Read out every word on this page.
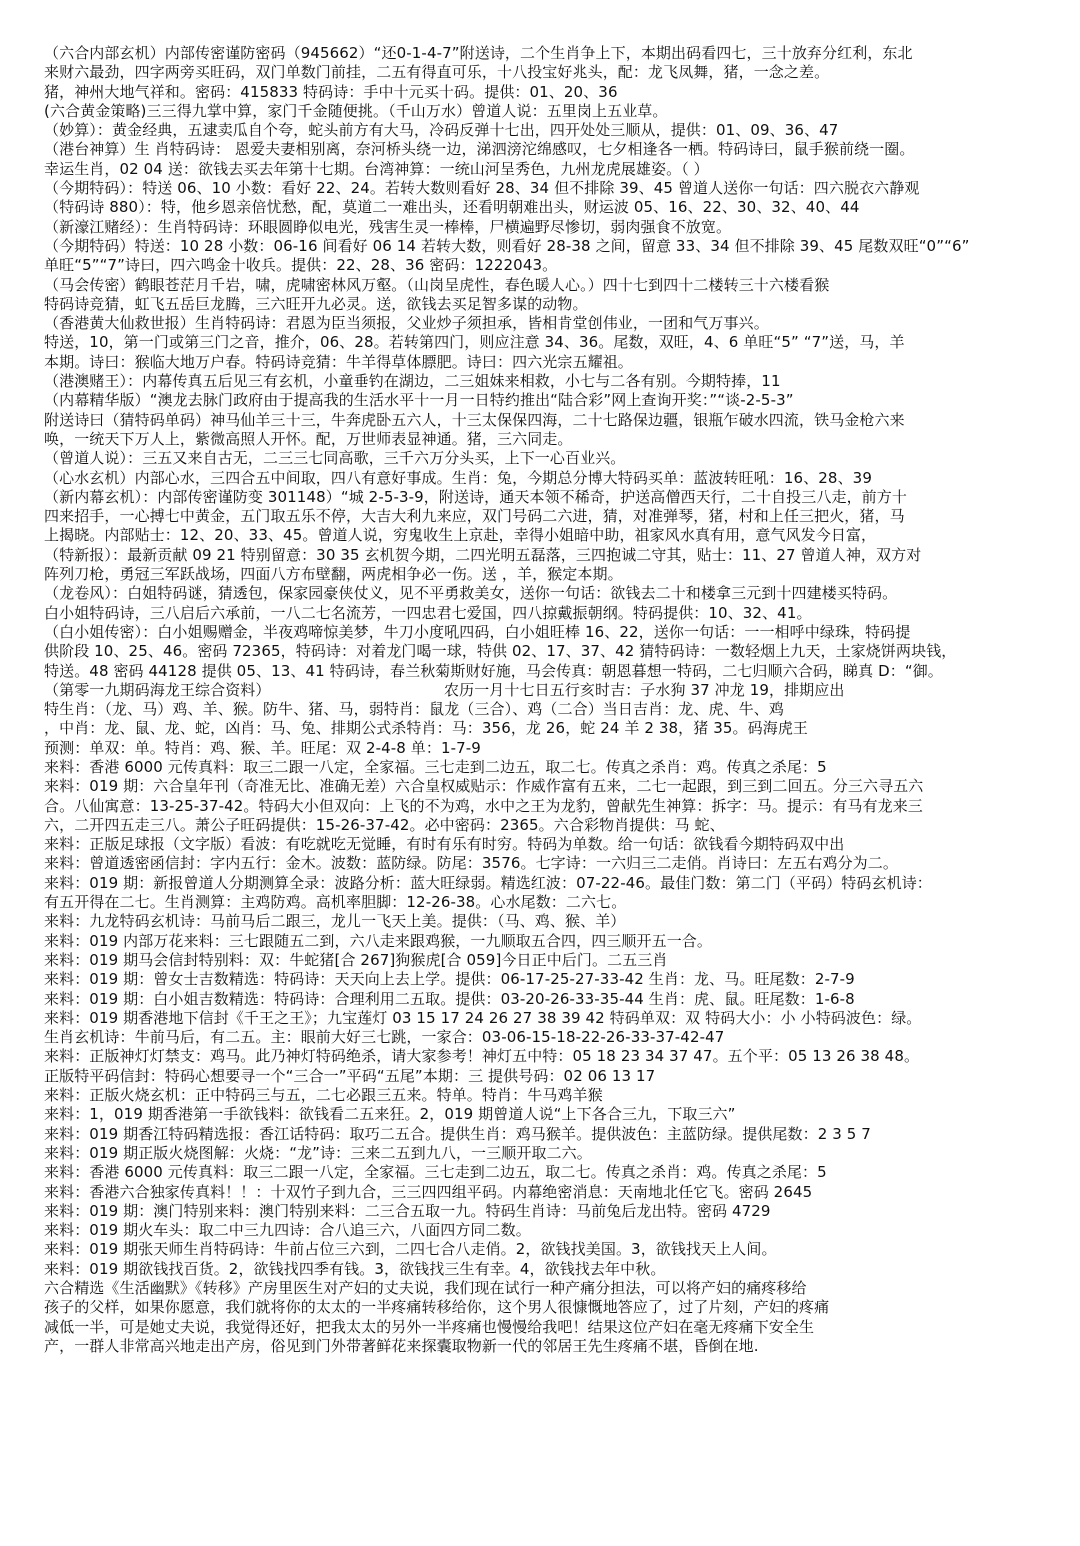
（六合内部玄机）内部传密谨防密码（945662）“还0-1-4-7”附送诗，二个生肖争上下，本期出码看四七，三十放弃分红利，东北
来财六最劲，四字两旁买旺码，双门单数门前挂，二五有得直可乐，十八投宝好兆头，配：龙飞凤舞，猪，一念之差。
猪，神州大地气祥和。密码：415833 特码诗：手中十元买十码。提供：01、20、36
(六合黄金策略)三三得九掌中算，家门千金随便挑。（千山万水）曾道人说：五里岗上五业草。
（妙算）：黄金经典，五逮卖瓜自个夸，蛇头前方有大马，冷码反弹十七出，四开处处三顺从，提供：01、09、36、47
（港台神算）生 肖特码诗： 恩爱夫妻相别离，奈河桥头绕一边，涕泗滂沱绵感叹，七夕相逢各一栖。特码诗曰，鼠手猴前绕一圈。
幸运生肖，02 04 送：欲钱去买去年第十七期。台湾神算：一统山河呈秀色，九州龙虎展雄姿。（ ）
（今期特码）：特送 06、10 小数：看好 22、24。若转大数则看好 28、34 但不排除 39、45 曾道人送你一句话：四六脱衣六静观
（特码诗 880）：特，他乡恩亲倍忧愁，配，莫道二一难出头，还看明朝难出头，财运波 05、16、22、30、32、40、44
（新濠江赌经）：生肖特码诗：环眼圆睁似电光，残害生灵一棒棒，尸横遍野尽惨切，弱肉强食不放宽。
（今期特码）特送：10 28 小数：06-16 间看好 06 14 若转大数，则看好 28-38 之间，留意 33、34 但不排除 39、45 尾数双旺“0”“6”
单旺“5”“7”诗曰，四六鸣金十收兵。提供：22、28、36 密码：1222043。
（马会传密）鹤眼苍茫月千岩，啸，虎啸密林风万壑。（山岗呈虎性，春色暖人心。）四十七到四十二楼转三十六楼看猴
特码诗竞猜，虹飞五岳巨龙腾，三六旺开九必灵。送，欲钱去买足智多谋的动物。
（香港黄大仙救世报）生肖特码诗：君恩为臣当须报，父业炒子须担承，皆相肯堂创伟业，一团和气万事兴。
特送，10，第一门或第三门之音，推介，06、28。若转第四门，则应注意 34、36。尾数，双旺，4、6 单旺“5” “7”送，马，羊
本期。诗曰：猴临大地万户春。特码诗竞猜：牛羊得草体膘肥。诗曰：四六光宗五耀祖。
（港澳赌王）：内幕传真五后见三有玄机，小童垂钓在湖边，二三姐妹来相救，小七与二各有别。今期特捧，11
（内幕精华版）“澳龙去脉门政府由于提高我的生活水平十一月一日特约推出“陆合彩”网上查询开奖：”“谈-2-5-3”
附送诗曰（猜特码单码）神马仙羊三十三，牛奔虎卧五六人，十三太保保四海，二十七路保边疆，银瓶乍破水四流，铁马金枪六来
唤，一统天下万人上，紫微高照人开怀。配，万世师表显神通。猪，三六同走。
（曾道人说）：三五又来自古无，二三三七同高歌，三千六万分头买，上下一心百业兴。
（心水玄机）内部心水，三四合五中间取，四八有意好事成。生肖：兔，今期总分博大特码买单：蓝波转旺吼：16、28、39
（新内幕玄机）：内部传密谨防变 301148）“城 2-5-3-9，附送诗，通天本领不稀奇，护送高僧西天行，二十自投三八走，前方十
四来招手，一心搏七中黄金，五门取五乐不停，大吉大利九来应，双门号码二六进，猜，对准弹琴，猪，村和上任三把火，猪，马
上揭晓。内部贴士：12、20、33、45。曾道人说，穷鬼收生上京赴，幸得小姐暗中助，祖家风水真有用，意气风发今日富，
（特新报）：最新贡献 09 21 特别留意：30 35 玄机贺今期，二四光明五磊落，三四抱诚二守其，贴士：11、27 曾道人神，双方对
阵列刀枪，勇冠三军跃战场，四面八方布壁翻，两虎相争必一伤。送 ，羊，猴定本期。
（龙卷风）：白姐特码谜，猜透包，保家园豪侠仗义，见不平勇救美女，送你一句话：欲钱去二十和楼拿三元到十四建楼买特码。
白小姐特码诗，三八启后六承前，一八二七名流芳，一四忠君七爱国，四八掠戴振朝纲。特码提供：10、32、41。
（白小姐传密）：白小姐赐赠金，半夜鸡啼惊美梦，牛刀小度吼四码，白小姐旺棒 16、22，送你一句话：一一相呼中绿珠，特码提
供阶段 10、25、46。密码 72365，特码诗：对着龙门喝一球，特供 02、17、37、42 猜特码诗：一数轻烟上九天，土家烧饼两块钱，
特送。48 密码 44128 提供 05、13、41 特码诗，春兰秋菊斯财好施，马会传真：朝恩暮想一特码，二七归顺六合码，睇真 D：“御。
（第零一九期码海龙王综合资料）	农历一月十七日五行亥时吉：子水狗 37 冲龙 19，排期应出
特生肖：（龙、马）鸡、羊、猴。防牛、猪、马，弱特肖：鼠龙（三合）、鸡（二合）当日吉肖：龙、虎、牛、鸡
，中肖：龙、鼠、龙、蛇，凶肖：马、兔、排期公式杀特肖：马：356，龙 26，蛇 24 羊 2 38，猪 35。码海虎王
预测：单双：单。特肖：鸡、猴、羊。旺尾：双 2-4-8 单：1-7-9
来料：香港 6000 元传真料：取三二跟一八定，全家福。三七走到二边五，取二七。传真之杀肖：鸡。传真之杀尾：5
来料：019 期：六合皇年刊（奇准无比、准确无差）六合皇权威贴示：作威作富有五来，二七一起跟，到三到二回五。分三六寻五六
合。八仙寓意：13-25-37-42。特码大小但双向：上飞的不为鸡，水中之王为龙豹，曾献先生神算：拆字：马。提示：有马有龙来三
六，二开四五走三八。萧公子旺码提供：15-26-37-42。必中密码：2365。六合彩物肖提供：马 蛇、
来料：正版足球报（文字版）看波：有吃就吃无觉睡，有时有乐有时穷。特码为单数。给一句话：欲钱看今期特码双中出
来料：曾道透密函信封：字内五行：金木。波数：蓝防绿。防尾：3576。七字诗：一六归三二走俏。肖诗曰：左五右鸡分为二。
来料：019 期：新报曾道人分期测算全录：波路分析：蓝大旺绿弱。精选红波：07-22-46。最佳门数：第二门（平码）特码玄机诗：
有五开得在二七。生肖测算：主鸡防鸡。高机率胆脚：12-26-38。心水尾数：二六七。
来料：九龙特码玄机诗：马前马后二跟三，龙儿一飞天上美。提供：（马、鸡、猴、羊）
来料：019 内部万花来料：三七跟随五二到，六八走来跟鸡猴，一九顺取五合四，四三顺开五一合。
来料：019 期马会信封特别料：双：牛蛇猪[合 267]狗猴虎[合 059]今日正中后门。二五三肖
来料：019 期：曾女士吉数精选：特码诗：天天向上去上学。提供：06-17-25-27-33-42 生肖：龙、马。旺尾数：2-7-9
来料：019 期：白小姐吉数精选：特码诗：合理利用二五取。提供：03-20-26-33-35-44 生肖：虎、鼠。旺尾数：1-6-8
来料：019 期香港地下信封《千王之王》；九宝莲灯 03 15 17 24 26 27 38 39 42 特码单双：双 特码大小：小 小特码波色：绿。
生肖玄机诗：牛前马后，有二五。主：眼前大好三七跳，一家合：03-06-15-18-22-26-33-37-42-47
来料：正版神灯灯禁支：鸡马。此乃神灯特码绝杀，请大家参考！神灯五中特：05 18 23 34 37 47。五个平：05 13 26 38 48。
正版特平码信封：特码心想要寻一个“三合一”平码“五尾”本期：三 提供号码：02 06 13 17
来料：正版火烧玄机：正中特码三与五，二七必跟三五来。特单。特肖：牛马鸡羊猴
来料：1，019 期香港第一手欲钱料：欲钱看二五来狂。2，019 期曾道人说“上下各合三九，下取三六”
来料：019 期香江特码精选报：香江话特码：取巧二五合。提供生肖：鸡马猴羊。提供波色：主蓝防绿。提供尾数：2 3 5 7
来料：019 期正版火烧图解：火烧：“龙”诗：三来二五到九八，一三顺开取二六。
来料：香港 6000 元传真料：取三二跟一八定，全家福。三七走到二边五，取二七。传真之杀肖：鸡。传真之杀尾：5
来料：香港六合独家传真料！！：十双竹子到九合，三三四四组平码。内幕绝密消息：天南地北任它飞。密码 2645
来料：019 期：澳门特别来料：澳门特别来料：二三合五取一九。特码生肖诗：马前兔后龙出特。密码 4729
来料：019 期火车头：取二中三九四诗：合八追三六，八面四方同二数。
来料：019 期张天师生肖特码诗：牛前占位三六到，二四七合八走俏。2，欲钱找美国。3，欲钱找天上人间。
来料：019 期欲钱找百货。2，欲钱找四季有钱。3，欲钱找三生有幸。4，欲钱找去年中秋。
六合精选《生活幽默》《转移》产房里医生对产妇的丈夫说，我们现在试行一种产痛分担法，可以将产妇的痛疼移给
孩子的父样，如果你愿意，我们就将你的太太的一半疼痛转移给你，这个男人很慷慨地答应了，过了片刻，产妇的疼痛
减低一半，可是她丈夫说，我觉得还好，把我太太的另外一半疼痛也慢慢给我吧！结果这位产妇在毫无疼痛下安全生
产，一群人非常高兴地走出产房，俗见到门外带著鲜花来探囊取物新一代的邻居王先生疼痛不堪，昏倒在地.
